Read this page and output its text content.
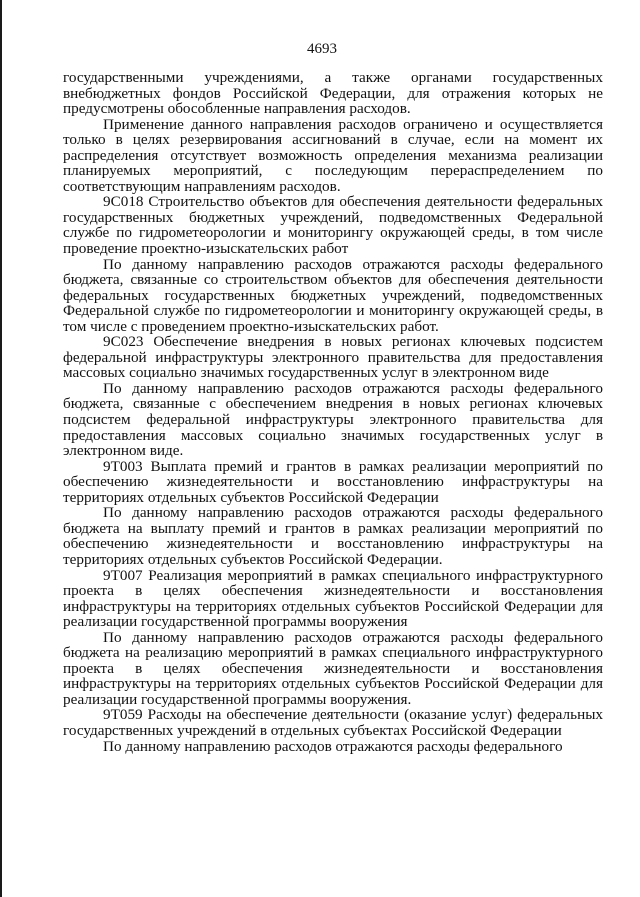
4693

государственными учреждениями, а также органами государственных внебюджетных фондов Российской Федерации, для отражения которых не предусмотрены обособленные направления расходов.

Применение данного направления расходов ограничено и осуществляется только в целях резервирования ассигнований в случае, если на момент их распределения отсутствует возможность определения механизма реализации планируемых мероприятий, с последующим перераспределением по соответствующим направлениям расходов.

9С018 Строительство объектов для обеспечения деятельности федеральных государственных бюджетных учреждений, подведомственных Федеральной службе по гидрометеорологии и мониторингу окружающей среды, в том числе проведение проектно-изыскательских работ

По данному направлению расходов отражаются расходы федерального бюджета, связанные со строительством объектов для обеспечения деятельности федеральных государственных бюджетных учреждений, подведомственных Федеральной службе по гидрометеорологии и мониторингу окружающей среды, в том числе с проведением проектно-изыскательских работ.

9С023 Обеспечение внедрения в новых регионах ключевых подсистем федеральной инфраструктуры электронного правительства для предоставления массовых социально значимых государственных услуг в электронном виде

По данному направлению расходов отражаются расходы федерального бюджета, связанные с обеспечением внедрения в новых регионах ключевых подсистем федеральной инфраструктуры электронного правительства для предоставления массовых социально значимых государственных услуг в электронном виде.

9Т003 Выплата премий и грантов в рамках реализации мероприятий по обеспечению жизнедеятельности и восстановлению инфраструктуры на территориях отдельных субъектов Российской Федерации

По данному направлению расходов отражаются расходы федерального бюджета на выплату премий и грантов в рамках реализации мероприятий по обеспечению жизнедеятельности и восстановлению инфраструктуры на территориях отдельных субъектов Российской Федерации.

9Т007 Реализация мероприятий в рамках специального инфраструктурного проекта в целях обеспечения жизнедеятельности и восстановления инфраструктуры на территориях отдельных субъектов Российской Федерации для реализации государственной программы вооружения

По данному направлению расходов отражаются расходы федерального бюджета на реализацию мероприятий в рамках специального инфраструктурного проекта в целях обеспечения жизнедеятельности и восстановления инфраструктуры на территориях отдельных субъектов Российской Федерации для реализации государственной программы вооружения.

9Т059 Расходы на обеспечение деятельности (оказание услуг) федеральных государственных учреждений в отдельных субъектах Российской Федерации

По данному направлению расходов отражаются расходы федерального
